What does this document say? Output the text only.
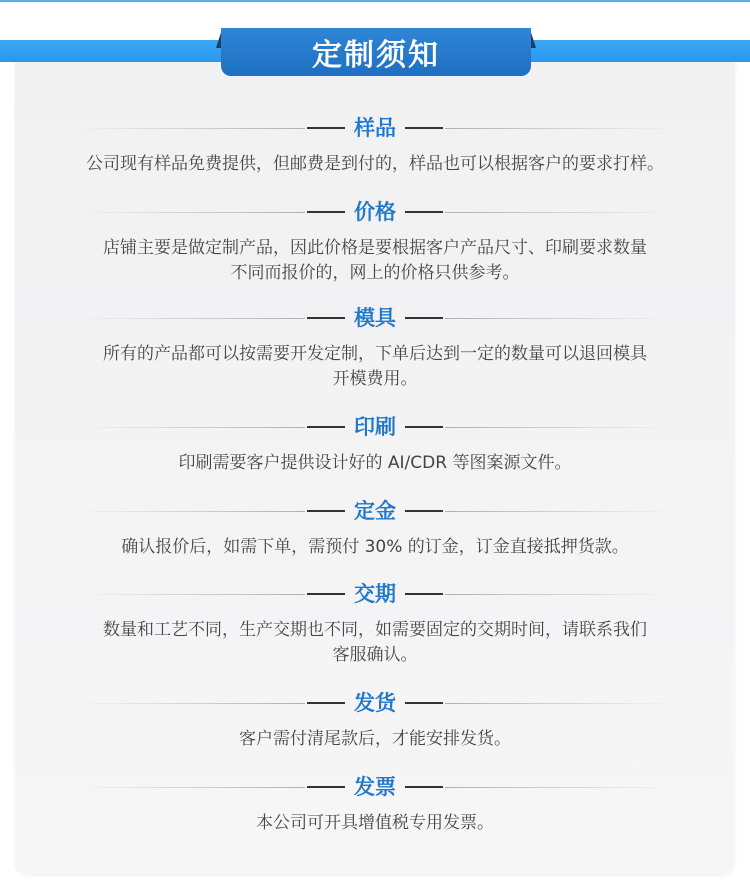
定制须知
样品
公司现有样品免费提供，但邮费是到付的，样品也可以根据客户的要求打样。
价格
店铺主要是做定制产品，因此价格是要根据客户产品尺寸、印刷要求数量
不同而报价的，网上的价格只供参考。
模具
所有的产品都可以按需要开发定制，下单后达到一定的数量可以退回模具
开模费用。
印刷
印刷需要客户提供设计好的 AI/CDR 等图案源文件。
定金
确认报价后，如需下单，需预付 30% 的订金，订金直接抵押货款。
交期
数量和工艺不同，生产交期也不同，如需要固定的交期时间，请联系我们
客服确认。
发货
客户需付清尾款后，才能安排发货。
发票
本公司可开具增值税专用发票。
